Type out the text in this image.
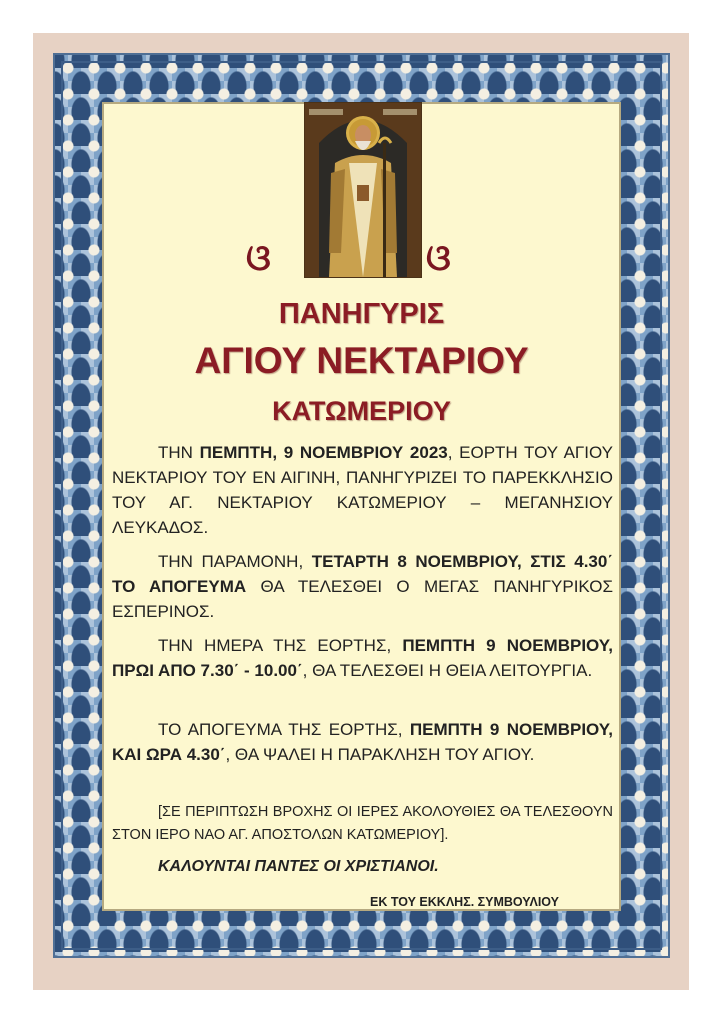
ଓ	ଓ
ΠΑΝΗΓΥΡΙΣ
ΑΓΙΟΥ ΝΕΚΤΑΡΙΟΥ
ΚΑΤΩΜΕΡΙΟΥ
ΤΗΝ ΠΕΜΠΤΗ, 9 ΝΟΕΜΒΡΙΟΥ 2023, ΕΟΡΤΗ ΤΟΥ ΑΓΙΟΥ ΝΕΚΤΑΡΙΟΥ ΤΟΥ ΕΝ ΑΙΓΙΝΗ, ΠΑΝΗΓΥΡΙΖΕΙ ΤΟ ΠΑΡΕΚΚΛΗΣΙΟ ΤΟΥ ΑΓ. ΝΕΚΤΑΡΙΟΥ ΚΑΤΩΜΕΡΙΟΥ – ΜΕΓΑΝΗΣΙΟΥ ΛΕΥΚΑΔΟΣ.
ΤΗΝ ΠΑΡΑΜΟΝΗ, ΤΕΤΑΡΤΗ 8 ΝΟΕΜΒΡΙΟΥ, ΣΤΙΣ 4.30΄ ΤΟ ΑΠΟΓΕΥΜΑ ΘΑ ΤΕΛΕΣΘΕΙ Ο ΜΕΓΑΣ ΠΑΝΗΓΥΡΙΚΟΣ ΕΣΠΕΡΙΝΟΣ.
ΤΗΝ ΗΜΕΡΑ ΤΗΣ ΕΟΡΤΗΣ, ΠΕΜΠΤΗ 9 ΝΟΕΜΒΡΙΟΥ, ΠΡΩΙ ΑΠΟ 7.30΄ - 10.00΄, ΘΑ ΤΕΛΕΣΘΕΙ Η ΘΕΙΑ ΛΕΙΤΟΥΡΓΙΑ.
ΤΟ ΑΠΟΓΕΥΜΑ ΤΗΣ ΕΟΡΤΗΣ, ΠΕΜΠΤΗ 9 ΝΟΕΜΒΡΙΟΥ, ΚΑΙ ΩΡΑ 4.30΄, ΘΑ ΨΑΛΕΙ Η ΠΑΡΑΚΛΗΣΗ ΤΟΥ ΑΓΙΟΥ.
[ΣΕ ΠΕΡΙΠΤΩΣΗ ΒΡΟΧΗΣ ΟΙ ΙΕΡΕΣ ΑΚΟΛΟΥΘΙΕΣ ΘΑ ΤΕΛΕΣΘΟΥΝ ΣΤΟΝ ΙΕΡΟ ΝΑΟ ΑΓ. ΑΠΟΣΤΟΛΩΝ ΚΑΤΩΜΕΡΙΟΥ].
ΚΑΛΟΥΝΤΑΙ ΠΑΝΤΕΣ ΟΙ ΧΡΙΣΤΙΑΝΟΙ.
ΕΚ ΤΟΥ ΕΚΚΛΗΣ. ΣΥΜΒΟΥΛΙΟΥ
